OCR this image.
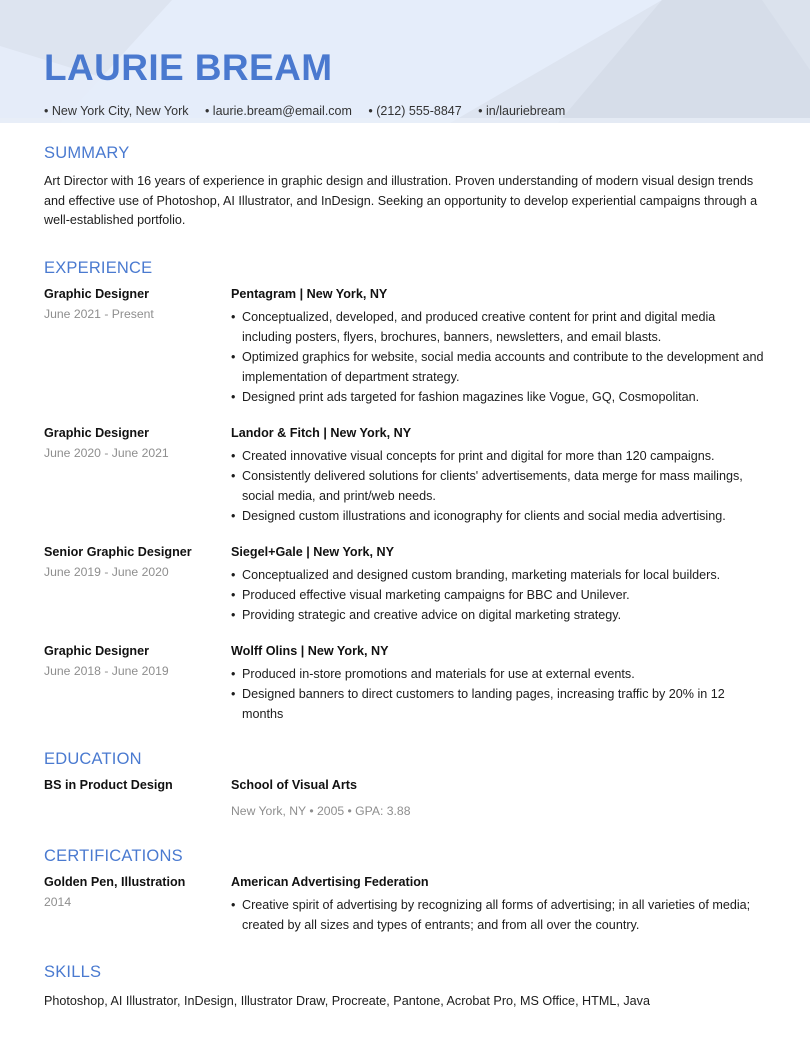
LAURIE BREAM
• New York City, New York • laurie.bream@email.com • (212) 555-8847 • in/lauriebream
SUMMARY

Art Director with 16 years of experience in graphic design and illustration. Proven understanding of modern visual design trends and effective use of Photoshop, AI Illustrator, and InDesign. Seeking an opportunity to develop experiential campaigns through a well-established portfolio.

EXPERIENCE
Graphic Designer
June 2021 - Present
Pentagram | New York, NY
• Conceptualized, developed, and produced creative content for print and digital media including posters, flyers, brochures, banners, newsletters, and email blasts.
• Optimized graphics for website, social media accounts and contribute to the development and implementation of department strategy.
• Designed print ads targeted for fashion magazines like Vogue, GQ, Cosmopolitan.
Graphic Designer
June 2020 - June 2021
Landor & Fitch | New York, NY
• Created innovative visual concepts for print and digital for more than 120 campaigns.
• Consistently delivered solutions for clients' advertisements, data merge for mass mailings, social media, and print/web needs.
• Designed custom illustrations and iconography for clients and social media advertising.
Senior Graphic Designer
June 2019 - June 2020
Siegel+Gale | New York, NY
• Conceptualized and designed custom branding, marketing materials for local builders.
• Produced effective visual marketing campaigns for BBC and Unilever.
• Providing strategic and creative advice on digital marketing strategy.
Graphic Designer
June 2018 - June 2019
Wolff Olins | New York, NY
• Produced in-store promotions and materials for use at external events.
• Designed banners to direct customers to landing pages, increasing traffic by 20% in 12 months
EDUCATION
BS in Product Design	School of Visual Arts
New York, NY • 2005 • GPA: 3.88
CERTIFICATIONS
Golden Pen, Illustration
2014
American Advertising Federation
• Creative spirit of advertising by recognizing all forms of advertising; in all varieties of media; created by all sizes and types of entrants; and from all over the country.
SKILLS

Photoshop, AI Illustrator, InDesign, Illustrator Draw, Procreate, Pantone, Acrobat Pro, MS Office, HTML, Java
